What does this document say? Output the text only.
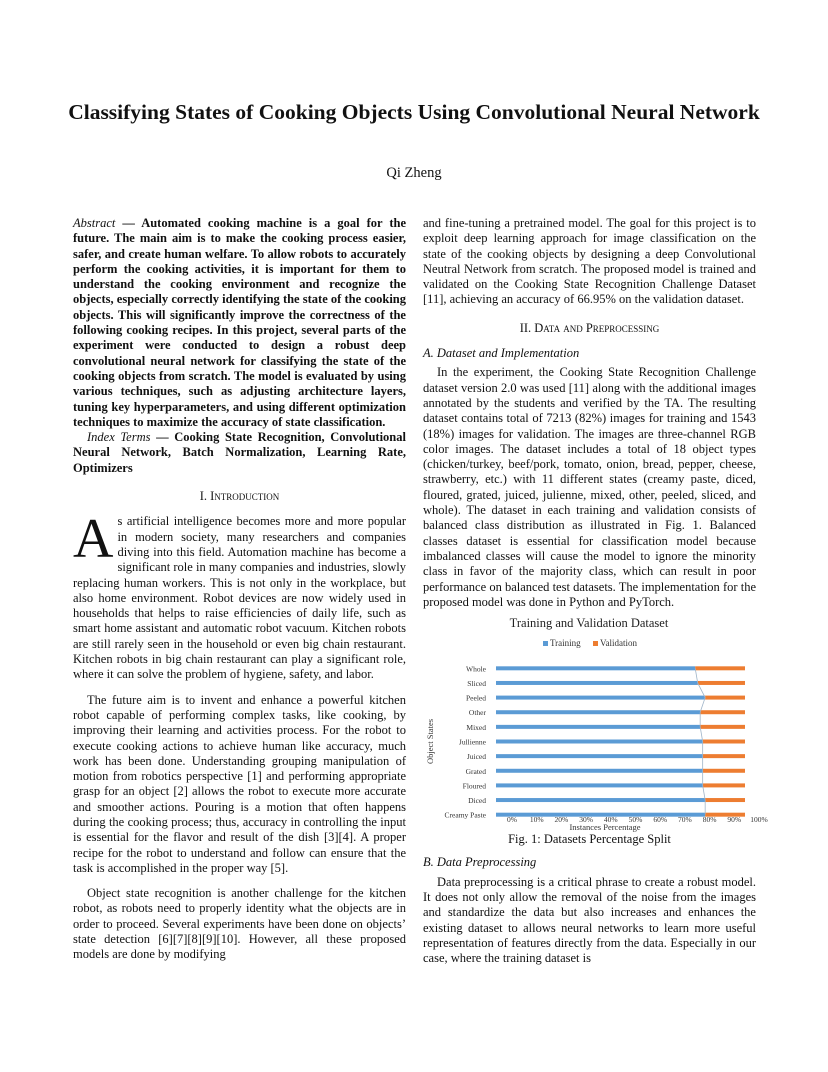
Classifying States of Cooking Objects Using Convolutional Neural Network
Qi Zheng

Abstract — Automated cooking machine is a goal for the future. The main aim is to make the cooking process easier, safer, and create human welfare. To allow robots to accurately perform the cooking activities, it is important for them to understand the cooking environment and recognize the objects, especially correctly identifying the state of the cooking objects. This will significantly improve the correctness of the following cooking recipes. In this project, several parts of the experiment were conducted to design a robust deep convolutional neural network for classifying the state of the cooking objects from scratch. The model is evaluated by using various techniques, such as adjusting architecture layers, tuning key hyperparameters, and using different optimization techniques to maximize the accuracy of state classification.

Index Terms — Cooking State Recognition, Convolutional Neural Network, Batch Normalization, Learning Rate, Optimizers

I. Introduction

As artificial intelligence becomes more and more popular in modern society, many researchers and companies diving into this field. Automation machine has become a significant role in many companies and industries, slowly replacing human workers. This is not only in the workplace, but also home environment. Robot devices are now widely used in households that helps to raise efficiencies of daily life, such as smart home assistant and automatic robot vacuum. Kitchen robots are still rarely seen in the household or even big chain restaurant. Kitchen robots in big chain restaurant can play a significant role, where it can solve the problem of hygiene, safety, and labor.

The future aim is to invent and enhance a powerful kitchen robot capable of performing complex tasks, like cooking, by improving their learning and activities process. For the robot to execute cooking actions to achieve human like accuracy, much work has been done. Understanding grouping manipulation of motion from robotics perspective [1] and performing appropriate grasp for an object [2] allows the robot to execute more accurate and smoother actions. Pouring is a motion that often happens during the cooking process; thus, accuracy in controlling the input is essential for the flavor and result of the dish [3][4]. A proper recipe for the robot to understand and follow can ensure that the task is accomplished in the proper way [5].

Object state recognition is another challenge for the kitchen robot, as robots need to properly identity what the objects are in order to proceed. Several experiments have been done on objects’ state detection [6][7][8][9][10]. However, all these proposed models are done by modifying

and fine-tuning a pretrained model. The goal for this project is to exploit deep learning approach for image classification on the state of the cooking objects by designing a deep Convolutional Neutral Network from scratch. The proposed model is trained and validated on the Cooking State Recognition Challenge Dataset [11], achieving an accuracy of 66.95% on the validation dataset.

II. Data and Preprocessing

A. Dataset and Implementation

In the experiment, the Cooking State Recognition Challenge dataset version 2.0 was used [11] along with the additional images annotated by the students and verified by the TA. The resulting dataset contains total of 7213 (82%) images for training and 1543 (18%) images for validation. The images are three-channel RGB color images. The dataset includes a total of 18 object types (chicken/turkey, beef/pork, tomato, onion, bread, pepper, cheese, strawberry, etc.) with 11 different states (creamy paste, diced, floured, grated, juiced, julienne, mixed, other, peeled, sliced, and whole). The dataset in each training and validation consists of balanced class distribution as illustrated in Fig. 1. Balanced classes dataset is essential for classification model because imbalanced classes will cause the model to ignore the minority class in favor of the majority class, which can result in poor performance on balanced test datasets. The implementation for the proposed model was done in Python and PyTorch.

Training and Validation Dataset
Training Validation
Object States
Whole
Sliced
Peeled
Other
Mixed
Jullienne
Juiced
Grated
Floured
Diced
Creamy Paste	0% 10% 20% 30% 40% 50% 60% 70% 80% 90% 100%
Instances Percentage

Fig. 1: Datasets Percentage Split

B. Data Preprocessing

Data preprocessing is a critical phrase to create a robust model. It does not only allow the removal of the noise from the images and standardize the data but also increases and enhances the existing dataset to allows neural networks to learn more useful representation of features directly from the data. Especially in our case, where the training dataset is
